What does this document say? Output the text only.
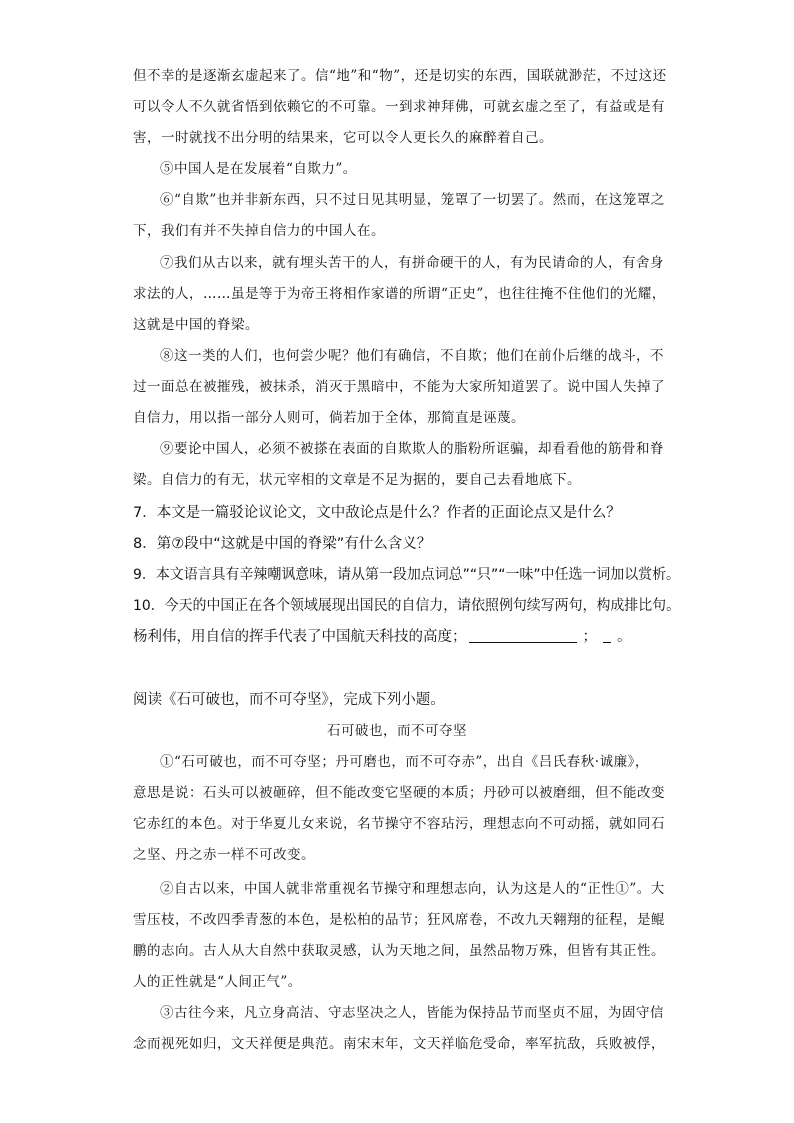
但不幸的是逐渐玄虚起来了。信“地”和“物”，还是切实的东西，国联就渺茫，不过这还
可以令人不久就省悟到依赖它的不可靠。一到求神拜佛，可就玄虚之至了，有益或是有
害，一时就找不出分明的结果来，它可以令人更长久的麻醉着自己。
⑤中国人是在发展着“自欺力”。
⑥“自欺”也并非新东西，只不过日见其明显，笼罩了一切罢了。然而，在这笼罩之
下，我们有并不失掉自信力的中国人在。
⑦我们从古以来，就有埋头苦干的人，有拼命硬干的人，有为民请命的人，有舍身
求法的人，……虽是等于为帝王将相作家谱的所谓“正史”，也往往掩不住他们的光耀，
这就是中国的脊梁。
⑧这一类的人们，也何尝少呢？他们有确信，不自欺；他们在前仆后继的战斗，不
过一面总在被摧残，被抹杀，消灭于黑暗中，不能为大家所知道罢了。说中国人失掉了
自信力，用以指一部分人则可，倘若加于全体，那简直是诬蔑。
⑨要论中国人，必须不被搽在表面的自欺欺人的脂粉所诓骗，却看看他的筋骨和脊
梁。自信力的有无，状元宰相的文章是不足为据的，要自己去看地底下。
7．本文是一篇驳论议论文，文中敌论点是什么？作者的正面论点又是什么？
8．第⑦段中“这就是中国的脊梁”有什么含义？
9．本文语言具有辛辣嘲讽意味，请从第一段加点词总”“只”“一味”中任选一词加以赏析。
10．今天的中国正在各个领域展现出国民的自信力，请依照例句续写两句，构成排比句。
杨利伟，用自信的挥手代表了中国航天科技的高度；	； 。
阅读《石可破也，而不可夺坚》，完成下列小题。
石可破也，而不可夺坚
①“石可破也，而不可夺坚；丹可磨也，而不可夺赤”，出自《吕氏春秋·诚廉》，
意思是说：石头可以被砸碎，但不能改变它坚硬的本质；丹砂可以被磨细，但不能改变
它赤红的本色。对于华夏儿女来说，名节操守不容玷污，理想志向不可动摇，就如同石
之坚、丹之赤一样不可改变。
②自古以来，中国人就非常重视名节操守和理想志向，认为这是人的“正性①”。大
雪压枝，不改四季青葱的本色，是松柏的品节；狂风席卷，不改九天翱翔的征程，是鲲
鹏的志向。古人从大自然中获取灵感，认为天地之间，虽然品物万殊，但皆有其正性。
人的正性就是“人间正气”。
③古往今来，凡立身高洁、守志坚决之人，皆能为保持品节而坚贞不屈，为固守信
念而视死如归，文天祥便是典范。南宋末年，文天祥临危受命，率军抗敌，兵败被俘，
